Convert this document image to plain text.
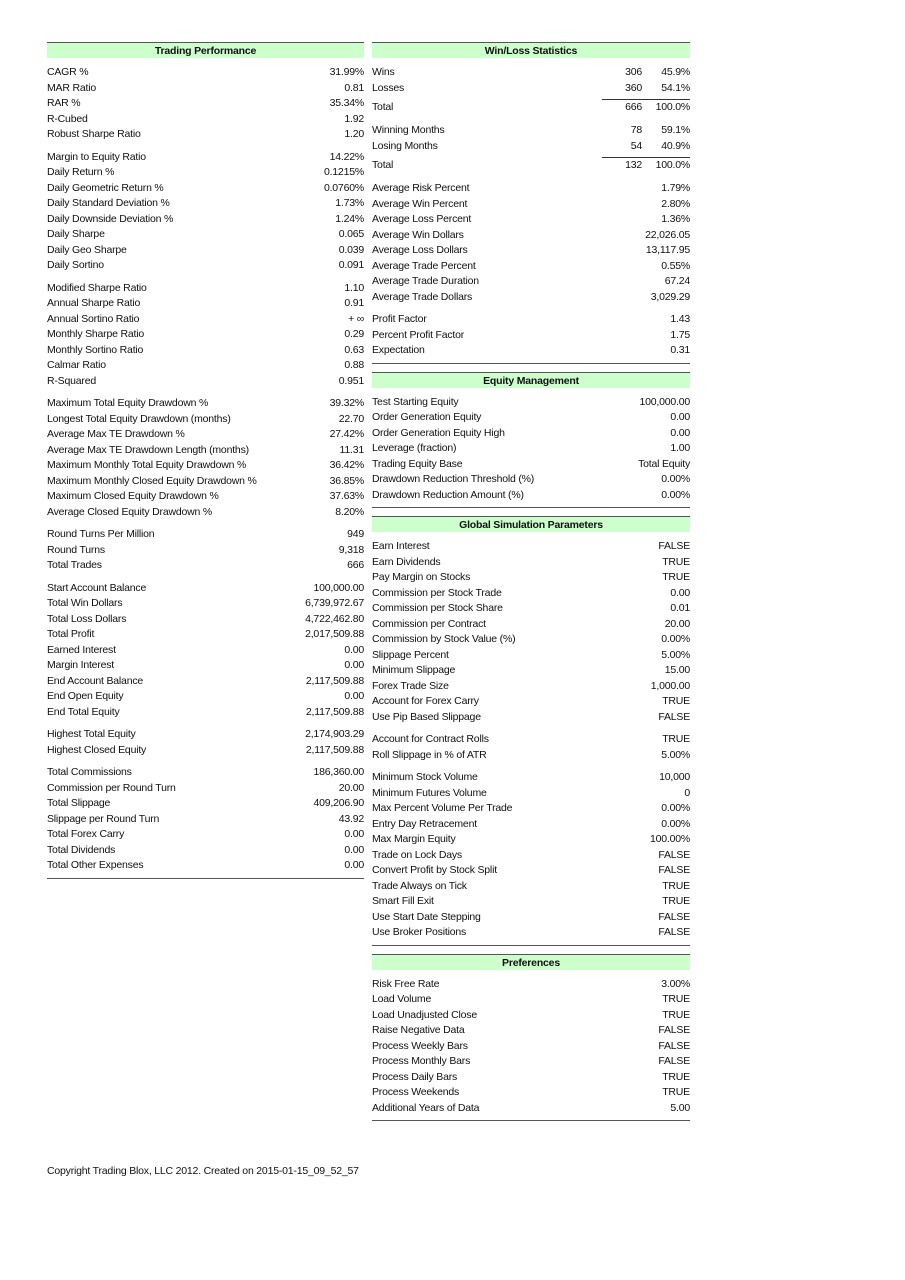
Trading Performance
CAGR %	31.99%
MAR Ratio	0.81
RAR %	35.34%
R-Cubed	1.92
Robust Sharpe Ratio	1.20
Margin to Equity Ratio	14.22%
Daily Return %	0.1215%
Daily Geometric Return %	0.0760%
Daily Standard Deviation %	1.73%
Daily Downside Deviation %	1.24%
Daily Sharpe	0.065
Daily Geo Sharpe	0.039
Daily Sortino	0.091
Modified Sharpe Ratio	1.10
Annual Sharpe Ratio	0.91
Annual Sortino Ratio	+ ∞
Monthly Sharpe Ratio	0.29
Monthly Sortino Ratio	0.63
Calmar Ratio	0.88
R-Squared	0.951
Maximum Total Equity Drawdown %	39.32%
Longest Total Equity Drawdown (months)	22.70
Average Max TE Drawdown %	27.42%
Average Max TE Drawdown Length (months)	11.31
Maximum Monthly Total Equity Drawdown %	36.42%
Maximum Monthly Closed Equity Drawdown %	36.85%
Maximum Closed Equity Drawdown %	37.63%
Average Closed Equity Drawdown %	8.20%
Round Turns Per Million	949
Round Turns	9,318
Total Trades	666
Start Account Balance	100,000.00
Total Win Dollars	6,739,972.67
Total Loss Dollars	4,722,462.80
Total Profit	2,017,509.88
Earned Interest	0.00
Margin Interest	0.00
End Account Balance	2,117,509.88
End Open Equity	0.00
End Total Equity	2,117,509.88
Highest Total Equity	2,174,903.29
Highest Closed Equity	2,117,509.88
Total Commissions	186,360.00
Commission per Round Turn	20.00
Total Slippage	409,206.90
Slippage per Round Turn	43.92
Total Forex Carry	0.00
Total Dividends	0.00
Total Other Expenses	0.00
Win/Loss Statistics
Wins	306	45.9%
Losses	360	54.1%
Total	666	100.0%
Winning Months	78	59.1%
Losing Months	54	40.9%
Total	132	100.0%
Average Risk Percent	1.79%
Average Win Percent	2.80%
Average Loss Percent	1.36%
Average Win Dollars	22,026.05
Average Loss Dollars	13,117.95
Average Trade Percent	0.55%
Average Trade Duration	67.24
Average Trade Dollars	3,029.29
Profit Factor	1.43
Percent Profit Factor	1.75
Expectation	0.31
Equity Management
Test Starting Equity	100,000.00
Order Generation Equity	0.00
Order Generation Equity High	0.00
Leverage (fraction)	1.00
Trading Equity Base	Total Equity
Drawdown Reduction Threshold (%)	0.00%
Drawdown Reduction Amount (%)	0.00%
Global Simulation Parameters
Earn Interest	FALSE
Earn Dividends	TRUE
Pay Margin on Stocks	TRUE
Commission per Stock Trade	0.00
Commission per Stock Share	0.01
Commission per Contract	20.00
Commission by Stock Value (%)	0.00%
Slippage Percent	5.00%
Minimum Slippage	15.00
Forex Trade Size	1,000.00
Account for Forex Carry	TRUE
Use Pip Based Slippage	FALSE
Account for Contract Rolls	TRUE
Roll Slippage in % of ATR	5.00%
Minimum Stock Volume	10,000
Minimum Futures Volume	0
Max Percent Volume Per Trade	0.00%
Entry Day Retracement	0.00%
Max Margin Equity	100.00%
Trade on Lock Days	FALSE
Convert Profit by Stock Split	FALSE
Trade Always on Tick	TRUE
Smart Fill Exit	TRUE
Use Start Date Stepping	FALSE
Use Broker Positions	FALSE
Preferences
Risk Free Rate	3.00%
Load Volume	TRUE
Load Unadjusted Close	TRUE
Raise Negative Data	FALSE
Process Weekly Bars	FALSE
Process Monthly Bars	FALSE
Process Daily Bars	TRUE
Process Weekends	TRUE
Additional Years of Data	5.00
Copyright Trading Blox, LLC 2012. Created on 2015-01-15_09_52_57
